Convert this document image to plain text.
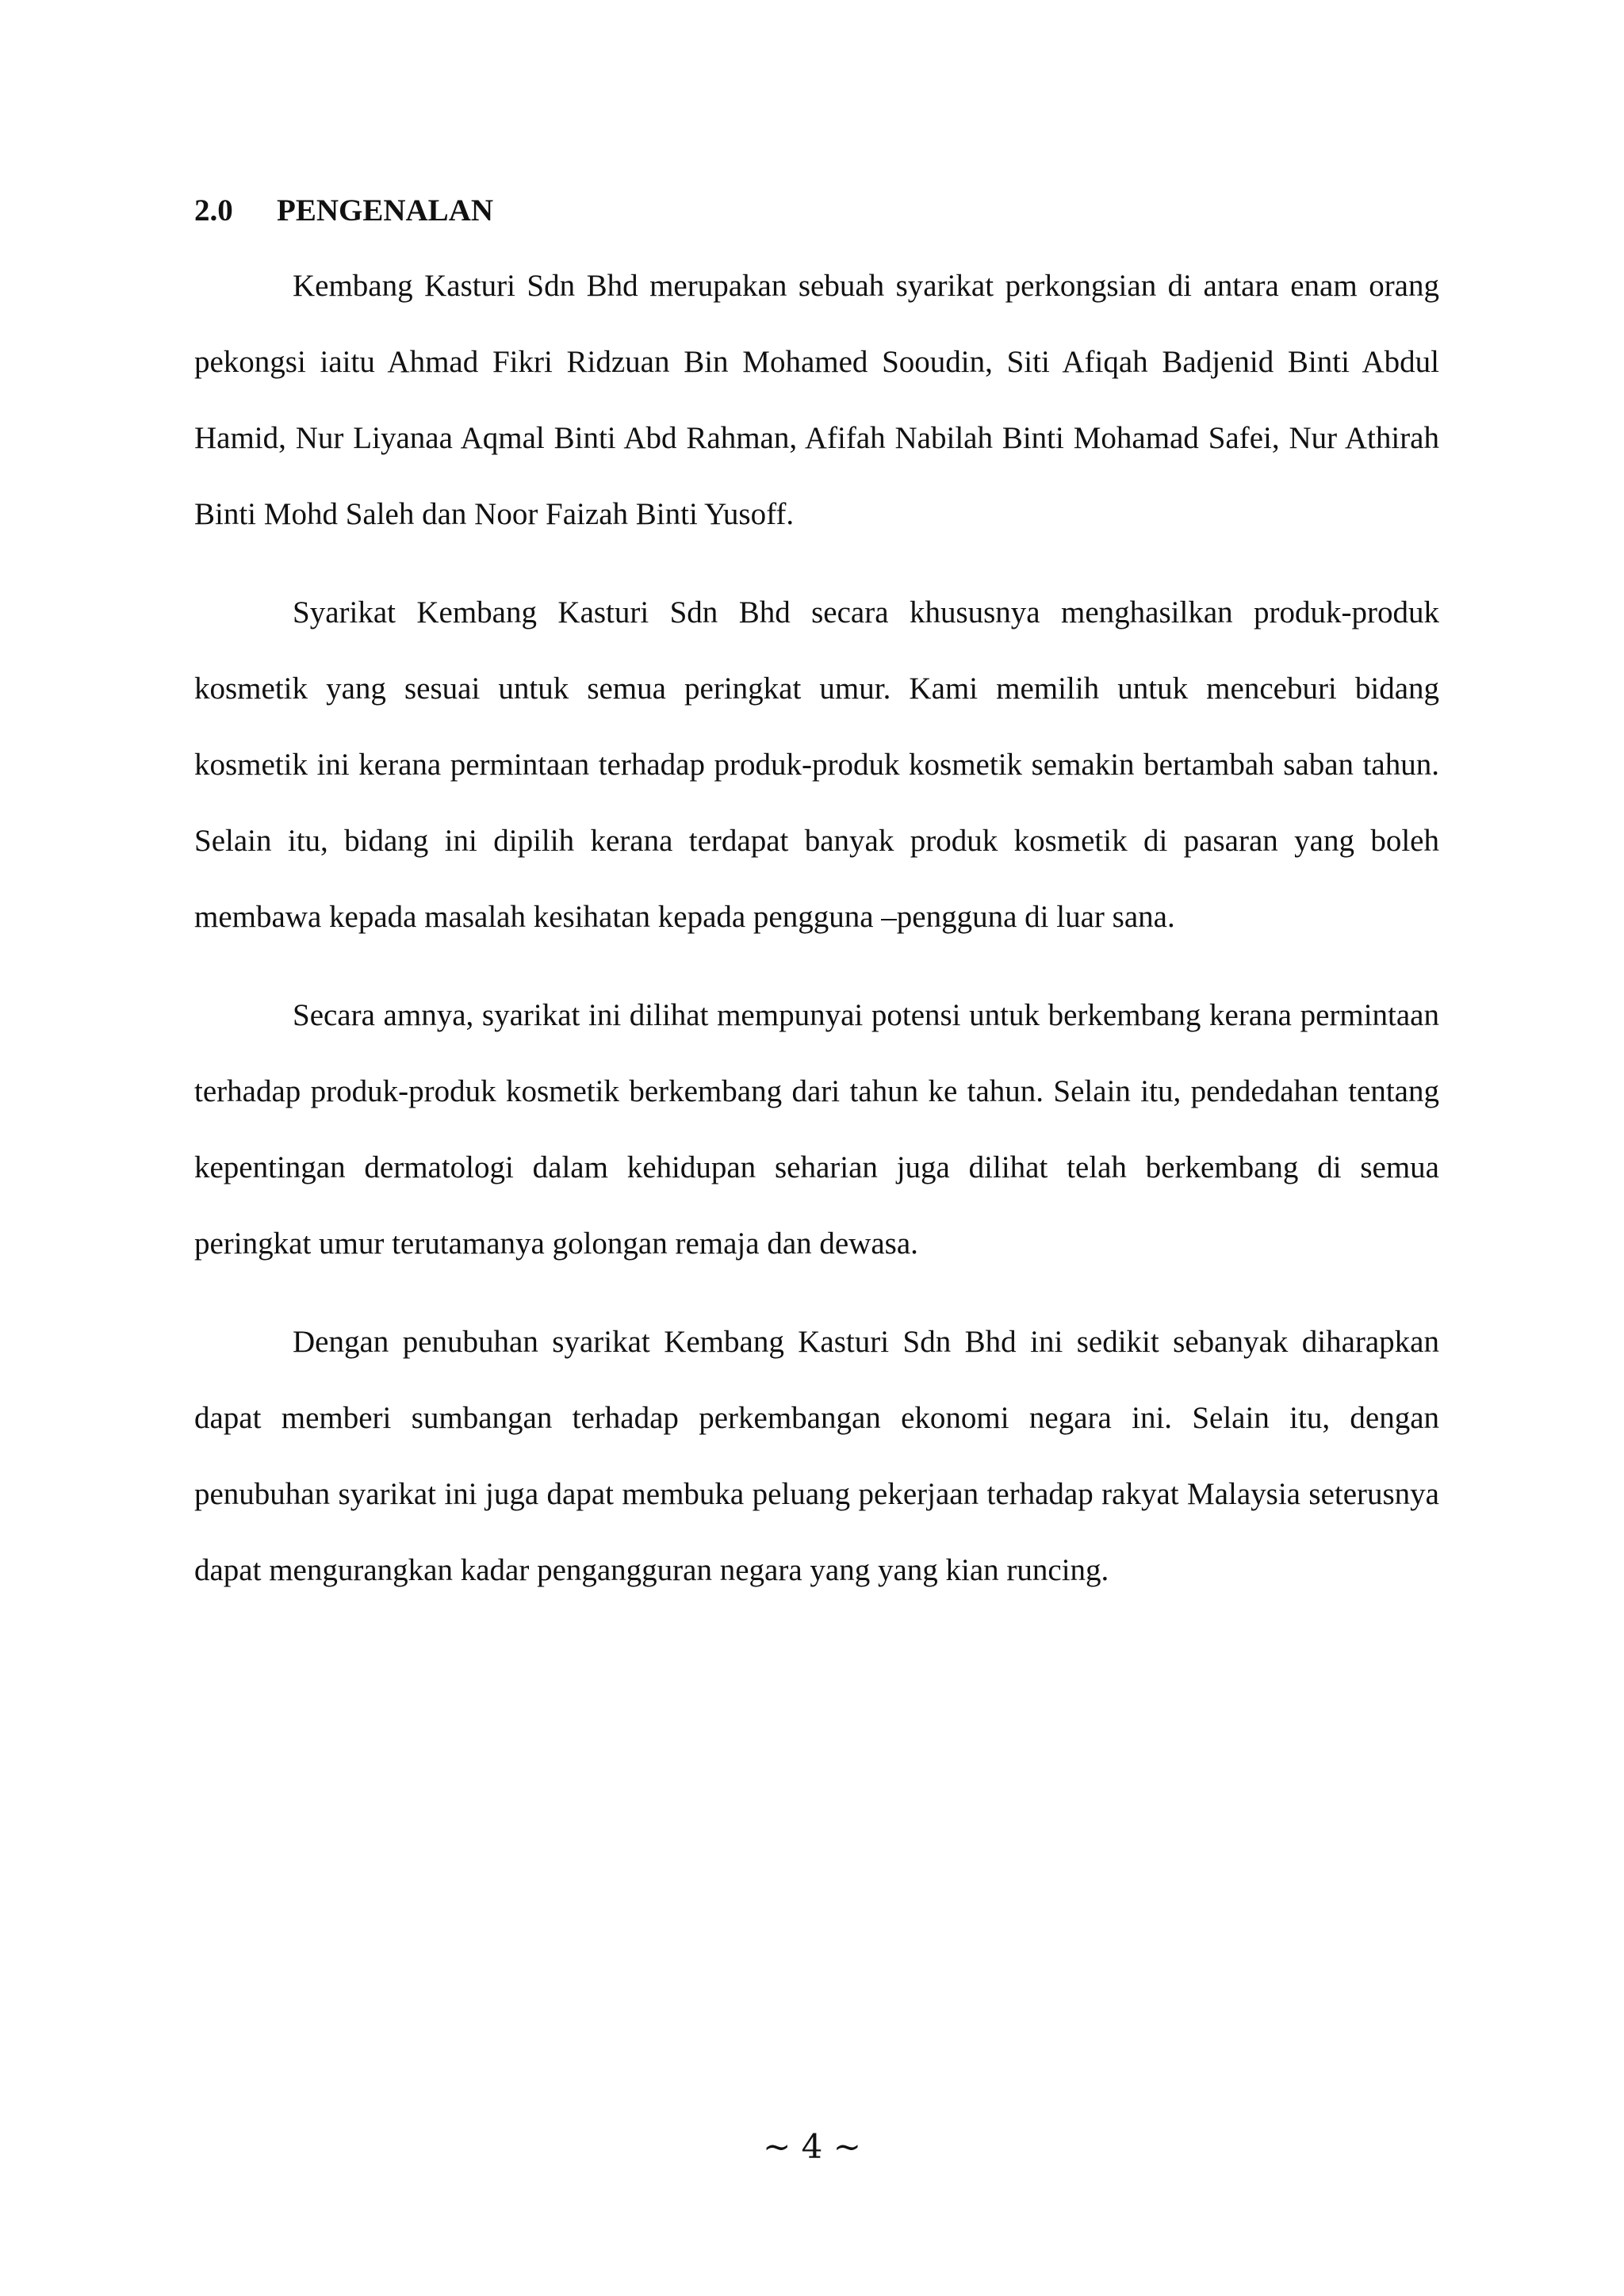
2.0	PENGENALAN

Kembang Kasturi Sdn Bhd merupakan sebuah syarikat perkongsian di antara enam orang pekongsi iaitu Ahmad Fikri Ridzuan Bin Mohamed Sooudin, Siti Afiqah Badjenid Binti Abdul Hamid, Nur Liyanaa Aqmal Binti Abd Rahman, Afifah Nabilah Binti Mohamad Safei, Nur Athirah Binti Mohd Saleh dan Noor Faizah Binti Yusoff.

Syarikat Kembang Kasturi Sdn Bhd secara khususnya menghasilkan produk-produk kosmetik yang sesuai untuk semua peringkat umur. Kami memilih untuk menceburi bidang kosmetik ini kerana permintaan terhadap produk-produk kosmetik semakin bertambah saban tahun. Selain itu, bidang ini dipilih kerana terdapat banyak produk kosmetik di pasaran yang boleh membawa kepada masalah kesihatan kepada pengguna –pengguna di luar sana.

Secara amnya, syarikat ini dilihat mempunyai potensi untuk berkembang kerana permintaan terhadap produk-produk kosmetik berkembang dari tahun ke tahun. Selain itu, pendedahan tentang kepentingan dermatologi dalam kehidupan seharian juga dilihat telah berkembang di semua peringkat umur terutamanya golongan remaja dan dewasa.

Dengan penubuhan syarikat Kembang Kasturi Sdn Bhd ini sedikit sebanyak diharapkan dapat memberi sumbangan terhadap perkembangan ekonomi negara ini. Selain itu, dengan penubuhan syarikat ini juga dapat membuka peluang pekerjaan terhadap rakyat Malaysia seterusnya dapat mengurangkan kadar pengangguran negara yang yang kian runcing.

~ 4 ~
